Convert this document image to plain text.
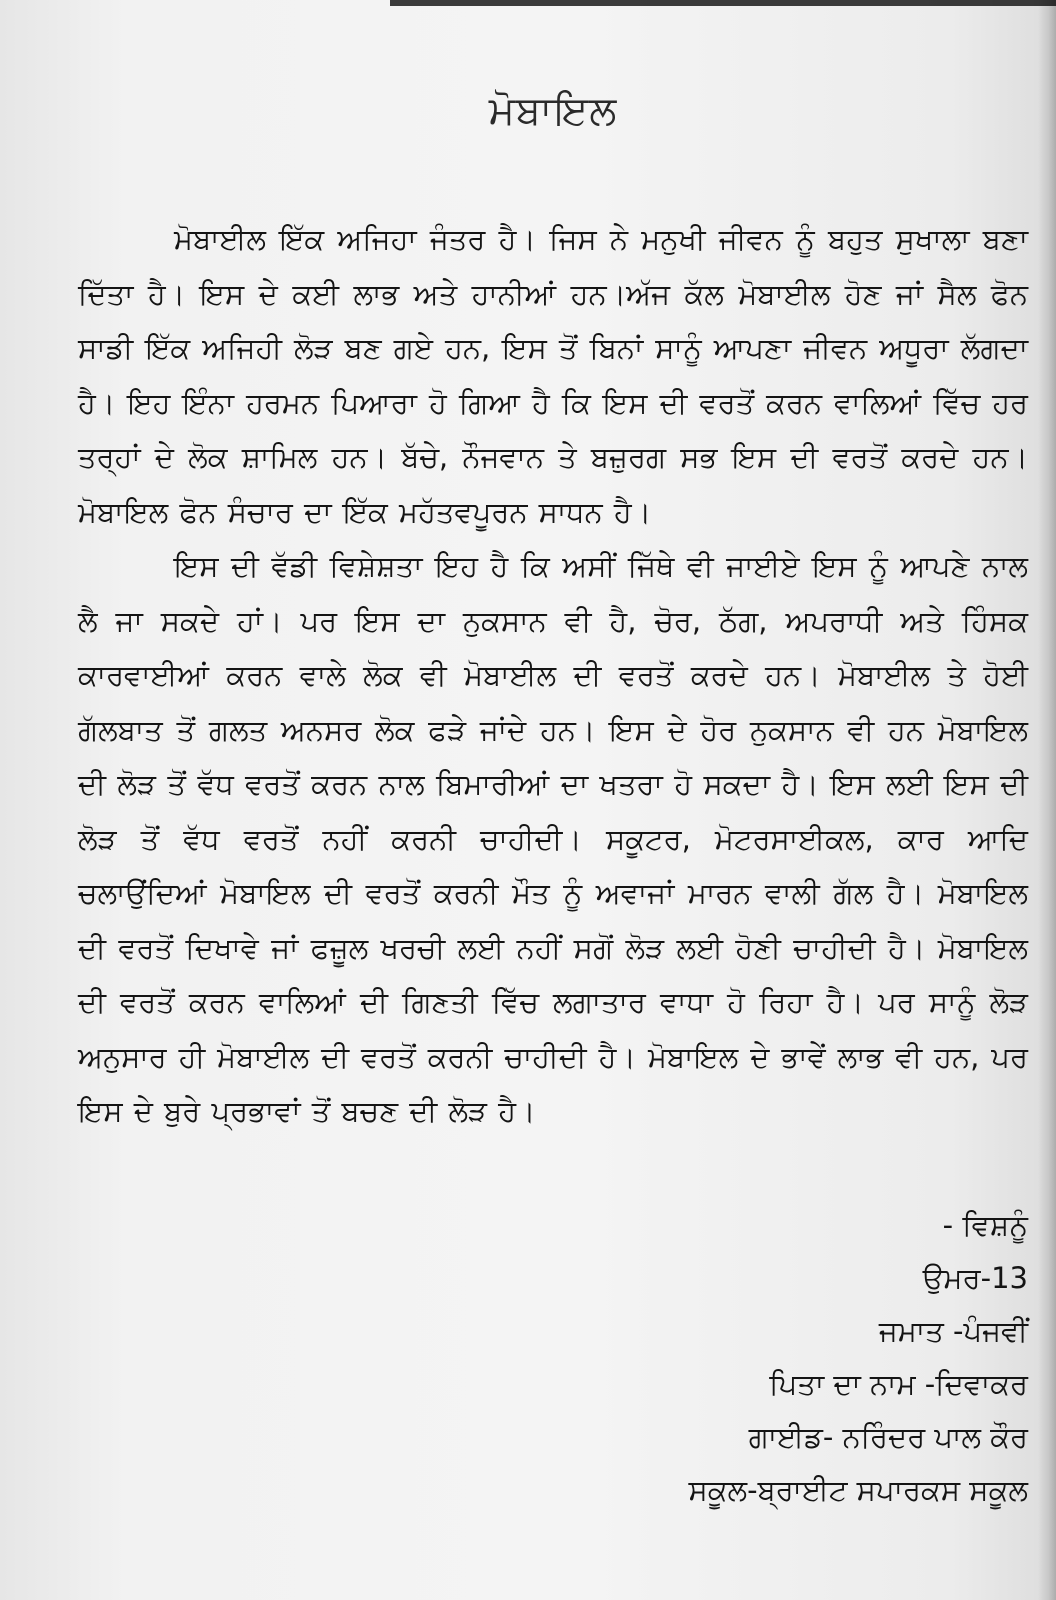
ਮੋਬਾਇਲ

ਮੋਬਾਈਲ ਇੱਕ ਅਜਿਹਾ ਜੰਤਰ ਹੈ। ਜਿਸ ਨੇ ਮਨੁਖੀ ਜੀਵਨ ਨੂੰ ਬਹੁਤ ਸੁਖਾਲਾ ਬਣਾ ਦਿੱਤਾ ਹੈ। ਇਸ ਦੇ ਕਈ ਲਾਭ ਅਤੇ ਹਾਨੀਆਂ ਹਨ।ਅੱਜ ਕੱਲ ਮੋਬਾਈਲ ਹੋਣ ਜਾਂ ਸੈਲ ਫੋਨ ਸਾਡੀ ਇੱਕ ਅਜਿਹੀ ਲੋੜ ਬਣ ਗਏ ਹਨ, ਇਸ ਤੋਂ ਬਿਨਾਂ ਸਾਨੂੰ ਆਪਣਾ ਜੀਵਨ ਅਧੂਰਾ ਲੱਗਦਾ ਹੈ। ਇਹ ਇੰਨਾ ਹਰਮਨ ਪਿਆਰਾ ਹੋ ਗਿਆ ਹੈ ਕਿ ਇਸ ਦੀ ਵਰਤੋਂ ਕਰਨ ਵਾਲਿਆਂ ਵਿੱਚ ਹਰ ਤਰ੍ਹਾਂ ਦੇ ਲੋਕ ਸ਼ਾਮਿਲ ਹਨ। ਬੱਚੇ, ਨੌਜਵਾਨ ਤੇ ਬਜ਼ੁਰਗ ਸਭ ਇਸ ਦੀ ਵਰਤੋਂ ਕਰਦੇ ਹਨ। ਮੋਬਾਇਲ ਫੋਨ ਸੰਚਾਰ ਦਾ ਇੱਕ ਮਹੱਤਵਪੂਰਨ ਸਾਧਨ ਹੈ।

ਇਸ ਦੀ ਵੱਡੀ ਵਿਸ਼ੇਸ਼ਤਾ ਇਹ ਹੈ ਕਿ ਅਸੀਂ ਜਿੱਥੇ ਵੀ ਜਾਈਏ ਇਸ ਨੂੰ ਆਪਣੇ ਨਾਲ ਲੈ ਜਾ ਸਕਦੇ ਹਾਂ। ਪਰ ਇਸ ਦਾ ਨੁਕਸਾਨ ਵੀ ਹੈ, ਚੋਰ, ਠੱਗ, ਅਪਰਾਧੀ ਅਤੇ ਹਿੰਸਕ ਕਾਰਵਾਈਆਂ ਕਰਨ ਵਾਲੇ ਲੋਕ ਵੀ ਮੋਬਾਈਲ ਦੀ ਵਰਤੋਂ ਕਰਦੇ ਹਨ। ਮੋਬਾਈਲ ਤੇ ਹੋਈ ਗੱਲਬਾਤ ਤੋਂ ਗਲਤ ਅਨਸਰ ਲੋਕ ਫੜੇ ਜਾਂਦੇ ਹਨ। ਇਸ ਦੇ ਹੋਰ ਨੁਕਸਾਨ ਵੀ ਹਨ ਮੋਬਾਇਲ ਦੀ ਲੋੜ ਤੋਂ ਵੱਧ ਵਰਤੋਂ ਕਰਨ ਨਾਲ ਬਿਮਾਰੀਆਂ ਦਾ ਖਤਰਾ ਹੋ ਸਕਦਾ ਹੈ। ਇਸ ਲਈ ਇਸ ਦੀ ਲੋੜ ਤੋਂ ਵੱਧ ਵਰਤੋਂ ਨਹੀਂ ਕਰਨੀ ਚਾਹੀਦੀ। ਸਕੂਟਰ, ਮੋਟਰਸਾਈਕਲ, ਕਾਰ ਆਦਿ ਚਲਾਉਂਦਿਆਂ ਮੋਬਾਇਲ ਦੀ ਵਰਤੋਂ ਕਰਨੀ ਮੌਤ ਨੂੰ ਅਵਾਜਾਂ ਮਾਰਨ ਵਾਲੀ ਗੱਲ ਹੈ। ਮੋਬਾਇਲ ਦੀ ਵਰਤੋਂ ਦਿਖਾਵੇ ਜਾਂ ਫਜ਼ੂਲ ਖਰਚੀ ਲਈ ਨਹੀਂ ਸਗੋਂ ਲੋੜ ਲਈ ਹੋਣੀ ਚਾਹੀਦੀ ਹੈ। ਮੋਬਾਇਲ ਦੀ ਵਰਤੋਂ ਕਰਨ ਵਾਲਿਆਂ ਦੀ ਗਿਣਤੀ ਵਿੱਚ ਲਗਾਤਾਰ ਵਾਧਾ ਹੋ ਰਿਹਾ ਹੈ। ਪਰ ਸਾਨੂੰ ਲੋੜ ਅਨੁਸਾਰ ਹੀ ਮੋਬਾਈਲ ਦੀ ਵਰਤੋਂ ਕਰਨੀ ਚਾਹੀਦੀ ਹੈ। ਮੋਬਾਇਲ ਦੇ ਭਾਵੇਂ ਲਾਭ ਵੀ ਹਨ, ਪਰ ਇਸ ਦੇ ਬੁਰੇ ਪ੍ਰਭਾਵਾਂ ਤੋਂ ਬਚਣ ਦੀ ਲੋੜ ਹੈ।

- ਵਿਸ਼ਨੂੰ
ਉਮਰ-13
ਜਮਾਤ -ਪੰਜਵੀਂ
ਪਿਤਾ ਦਾ ਨਾਮ -ਦਿਵਾਕਰ
ਗਾਈਡ- ਨਰਿੰਦਰ ਪਾਲ ਕੌਰ
ਸਕੂਲ-ਬ੍ਰਾਈਟ ਸਪਾਰਕਸ ਸਕੂਲ
